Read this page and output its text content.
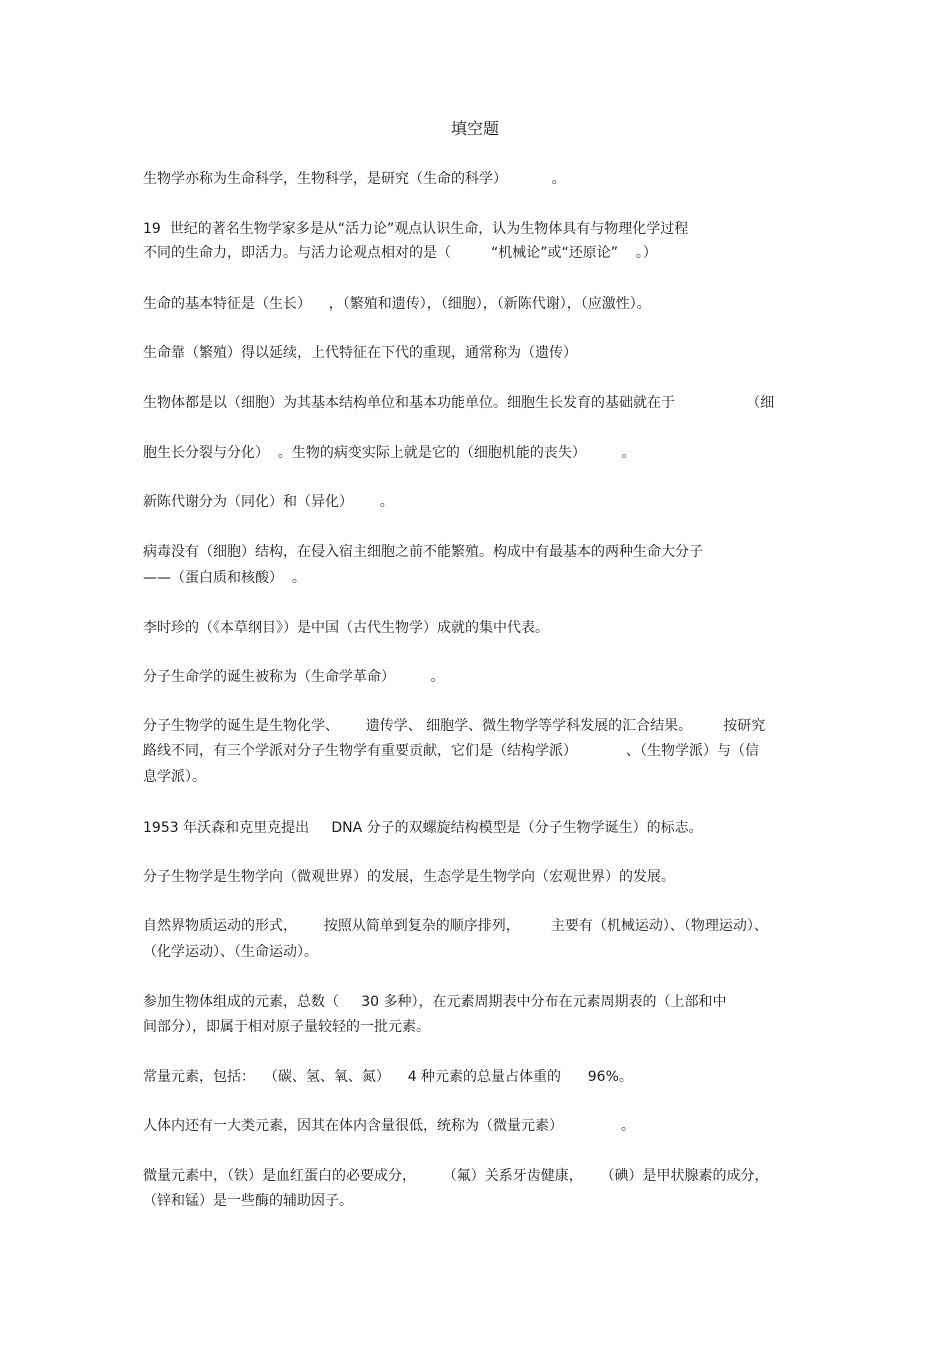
填空题
生物学亦称为生命科学，生物科学，是研究（生命的科学）          。
19  世纪的著名生物学家多是从“活力论”观点认识生命，认为生物体具有与物理化学过程
不同的生命力，即活力。与活力论观点相对的是（         “机械论”或“还原论”    。）
生命的基本特征是（生长）    ，（繁殖和遗传），（细胞），（新陈代谢），（应激性）。
生命靠（繁殖）得以延续，上代特征在下代的重现，通常称为（遗传）
生物体都是以（细胞）为其基本结构单位和基本功能单位。细胞生长发育的基础就在于                （细
胞生长分裂与分化）  。生物的病变实际上就是它的（细胞机能的丧失）        。
新陈代谢分为（同化）和（异化）      。
病毒没有（细胞）结构，在侵入宿主细胞之前不能繁殖。构成中有最基本的两种生命大分子
——（蛋白质和核酸）  。
李时珍的（《本草纲目》）是中国（古代生物学）成就的集中代表。
分子生命学的诞生被称为（生命学革命）        。
分子生物学的诞生是生物化学、      遗传学、 细胞学、微生物学等学科发展的汇合结果。       按研究
路线不同，有三个学派对分子生物学有重要贡献，它们是（结构学派）           、（生物学派）与（信
息学派）。
1953 年沃森和克里克提出     DNA 分子的双螺旋结构模型是（分子生物学诞生）的标志。
分子生物学是生物学向（微观世界）的发展，生态学是生物学向（宏观世界）的发展。
自然界物质运动的形式，      按照从简单到复杂的顺序排列，       主要有（机械运动）、（物理运动）、
（化学运动）、（生命运动）。
参加生物体组成的元素，总数（     30 多种），在元素周期表中分布在元素周期表的（上部和中
间部分），即属于相对原子量较轻的一批元素。
常量元素，包括：  （碳、氢、氧、氮）    4 种元素的总量占体重的      96%。
人体内还有一大类元素，因其在体内含量很低，统称为（微量元素）             。
微量元素中，（铁）是血红蛋白的必要成分，      （氟）关系牙齿健康，    （碘）是甲状腺素的成分，
（锌和锰）是一些酶的辅助因子。
